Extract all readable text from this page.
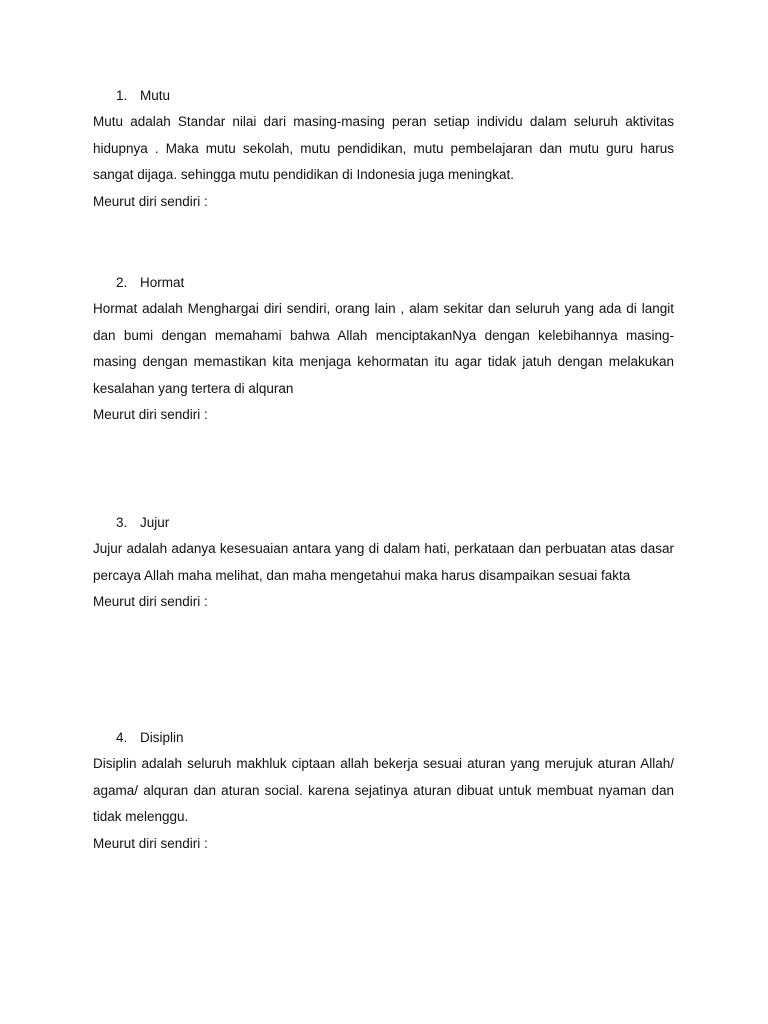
1. Mutu
Mutu adalah Standar nilai dari masing-masing peran setiap individu dalam seluruh aktivitas hidupnya . Maka mutu sekolah, mutu pendidikan, mutu pembelajaran dan mutu guru harus sangat dijaga. sehingga mutu pendidikan di Indonesia juga meningkat.
Meurut diri sendiri :
2. Hormat
Hormat adalah Menghargai diri sendiri, orang lain , alam sekitar dan seluruh yang ada di langit dan bumi dengan memahami bahwa Allah menciptakanNya dengan kelebihannya masing-masing dengan memastikan kita menjaga kehormatan itu agar tidak jatuh dengan melakukan kesalahan yang tertera di alquran
Meurut diri sendiri :
3. Jujur
Jujur adalah adanya kesesuaian antara yang di dalam hati, perkataan dan perbuatan atas dasar percaya Allah maha melihat, dan maha mengetahui maka harus disampaikan sesuai fakta
Meurut diri sendiri :
4. Disiplin
Disiplin adalah seluruh makhluk ciptaan allah bekerja sesuai aturan yang merujuk aturan Allah/ agama/ alquran dan aturan social. karena sejatinya aturan dibuat untuk membuat nyaman dan tidak melenggu.
Meurut diri sendiri :
